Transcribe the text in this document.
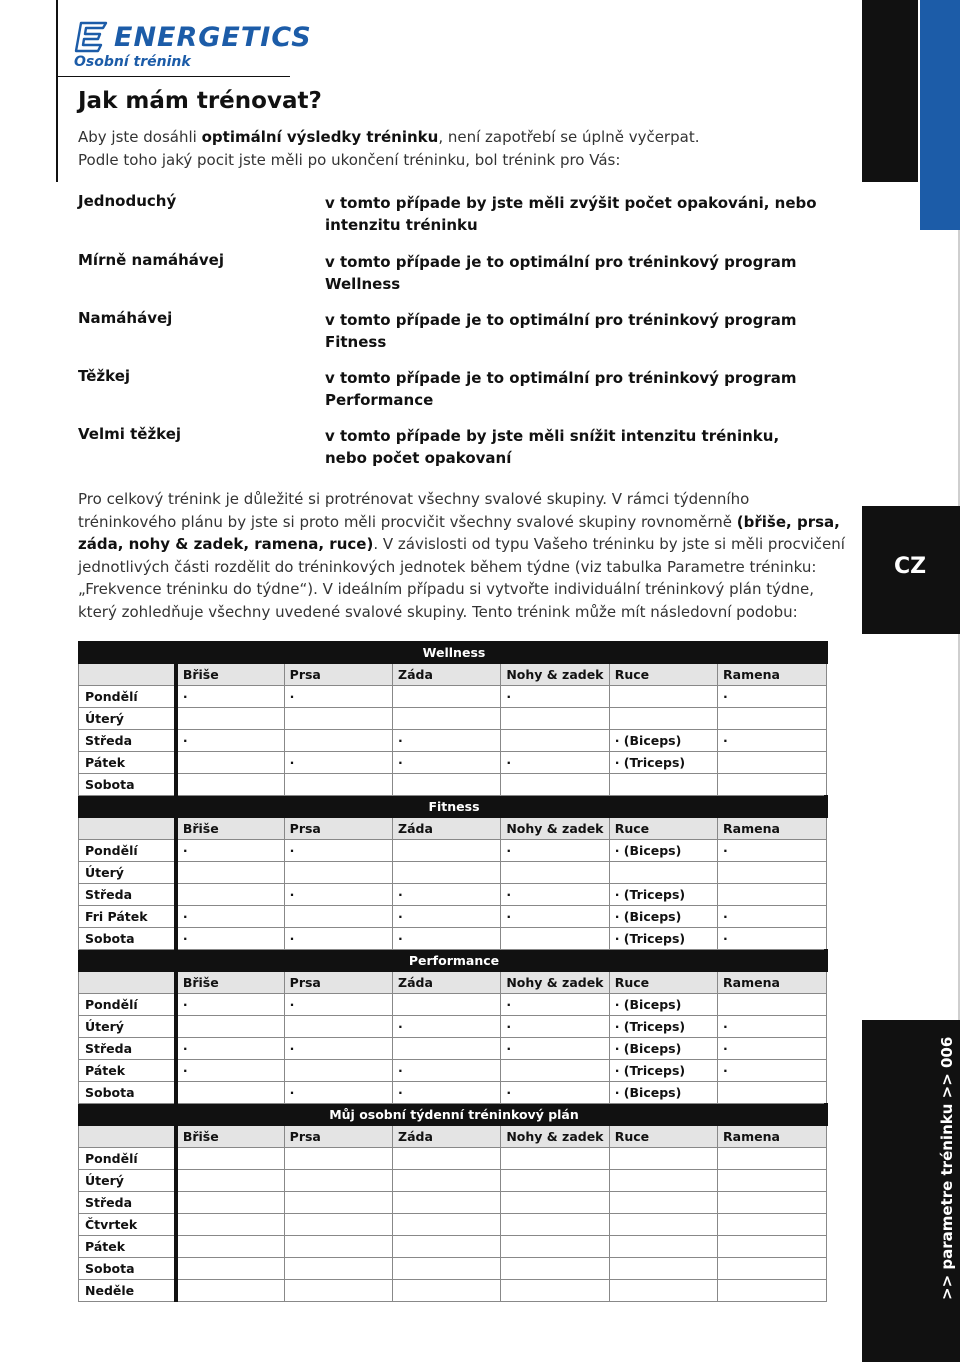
CZ
>> parametre tréninku >> 006
ENERGETICS
Osobní trénink
Jak mám trénovat?
Aby jste dosáhli optimální výsledky tréninku, není zapotřebí se úplně vyčerpat.
Podle toho jaký pocit jste měli po ukončení tréninku, bol trénink pro Vás:
Jednoduchý	v tomto případe by jste měli zvýšit počet opakováni, nebo intenzitu tréninku
Mírně namáhávej	v tomto případe je to optimální pro tréninkový program Wellness
Namáhávej	v tomto případe je to optimální pro tréninkový program Fitness
Těžkej	v tomto případe je to optimální pro tréninkový program Performance
Velmi těžkej	v tomto případe by jste měli snížit intenzitu tréninku, nebo počet opakovaní
Pro celkový trénink je důležité si protrénovat všechny svalové skupiny. V rámci týdenního tréninkového plánu by jste si proto měli procvičit všechny svalové skupiny rovnoměrně (břiše, prsa, záda, nohy & zadek, ramena, ruce). V závislosti od typu Vašeho tréninku by jste si měli procvičení jednotlivých části rozdělit do tréninkových jednotek během týdne (viz tabulka Parametre tréninku: „Frekvence tréninku do týdne“). V ideálním případu si vytvořte individuální tréninkový plán týdne, který zohledňuje všechny uvedené svalové skupiny. Tento trénink může mít následovní podobu:
Wellness						
	Břiše	Prsa	Záda	Nohy & zadek	Ruce	Ramena
Pondělí	·	·		·		·
Úterý						
Středa	·		·		· (Biceps)	·
Pátek		·	·	·	· (Triceps)	
Sobota						
Fitness						
	Břiše	Prsa	Záda	Nohy & zadek	Ruce	Ramena
Pondělí	·	·		·	· (Biceps)	·
Úterý						
Středa		·	·	·	· (Triceps)	
Fri Pátek	·		·	·	· (Biceps)	·
Sobota	·	·	·		· (Triceps)	·
Performance						
	Břiše	Prsa	Záda	Nohy & zadek	Ruce	Ramena
Pondělí	·	·		·	· (Biceps)	
Úterý			·	·	· (Triceps)	·
Středa	·	·		·	· (Biceps)	·
Pátek	·		·		· (Triceps)	·
Sobota		·	·	·	· (Biceps)	
Můj osobní týdenní tréninkový plán						
	Břiše	Prsa	Záda	Nohy & zadek	Ruce	Ramena
Pondělí						
Úterý						
Středa						
Čtvrtek						
Pátek						
Sobota						
Neděle						
